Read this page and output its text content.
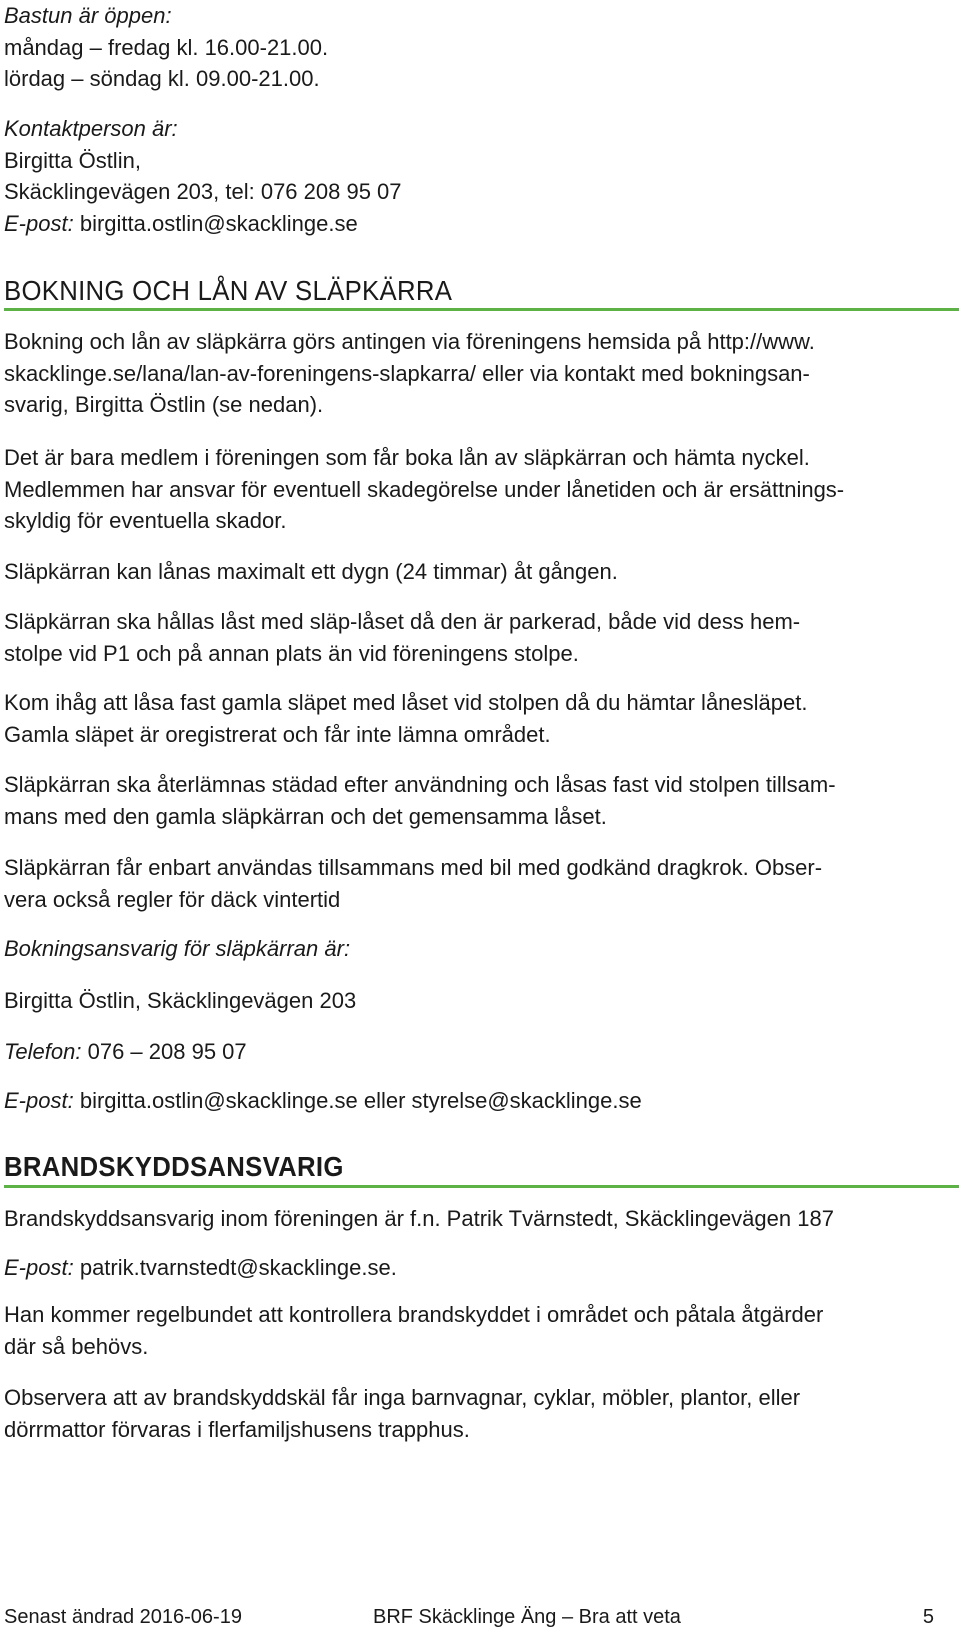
Bastun är öppen:
måndag – fredag kl. 16.00-21.00.
lördag – söndag kl. 09.00-21.00.
Kontaktperson är:
Birgitta Östlin,
Skäcklingevägen 203, tel: 076 208 95 07
E-post: birgitta.ostlin@skacklinge.se
BOKNING OCH LÅN AV SLÄPKÄRRA
Bokning och lån av släpkärra görs antingen via föreningens hemsida på http://www.
skacklinge.se/lana/lan-av-foreningens-slapkarra/ eller via kontakt med bokningsan-
svarig, Birgitta Östlin (se nedan).
Det är bara medlem i föreningen som får boka lån av släpkärran och hämta nyckel.
Medlemmen har ansvar för eventuell skadegörelse under lånetiden och är ersättnings-
skyldig för eventuella skador.
Släpkärran kan lånas maximalt ett dygn (24 timmar) åt gången.
Släpkärran ska hållas låst med släp-låset då den är parkerad, både vid dess hem-
stolpe vid P1 och på annan plats än vid föreningens stolpe.
Kom ihåg att låsa fast gamla släpet med låset vid stolpen då du hämtar lånesläpet.
Gamla släpet är oregistrerat och får inte lämna området.
Släpkärran ska återlämnas städad efter användning och låsas fast vid stolpen tillsam-
mans med den gamla släpkärran och det gemensamma låset.
Släpkärran får enbart användas tillsammans med bil med godkänd dragkrok. Obser-
vera också regler för däck vintertid
Bokningsansvarig för släpkärran är:
Birgitta Östlin, Skäcklingevägen 203
Telefon: 076 – 208 95 07
E-post: birgitta.ostlin@skacklinge.se eller styrelse@skacklinge.se
BRANDSKYDDSANSVARIG
Brandskyddsansvarig inom föreningen är f.n. Patrik Tvärnstedt, Skäcklingevägen 187
E-post: patrik.tvarnstedt@skacklinge.se.
Han kommer regelbundet att kontrollera brandskyddet i området och påtala åtgärder
där så behövs.
Observera att av brandskyddskäl får inga barnvagnar, cyklar, möbler, plantor, eller
dörrmattor förvaras i flerfamiljshusens trapphus.
Senast ändrad 2016-06-19	BRF Skäcklinge Äng – Bra att veta	5
